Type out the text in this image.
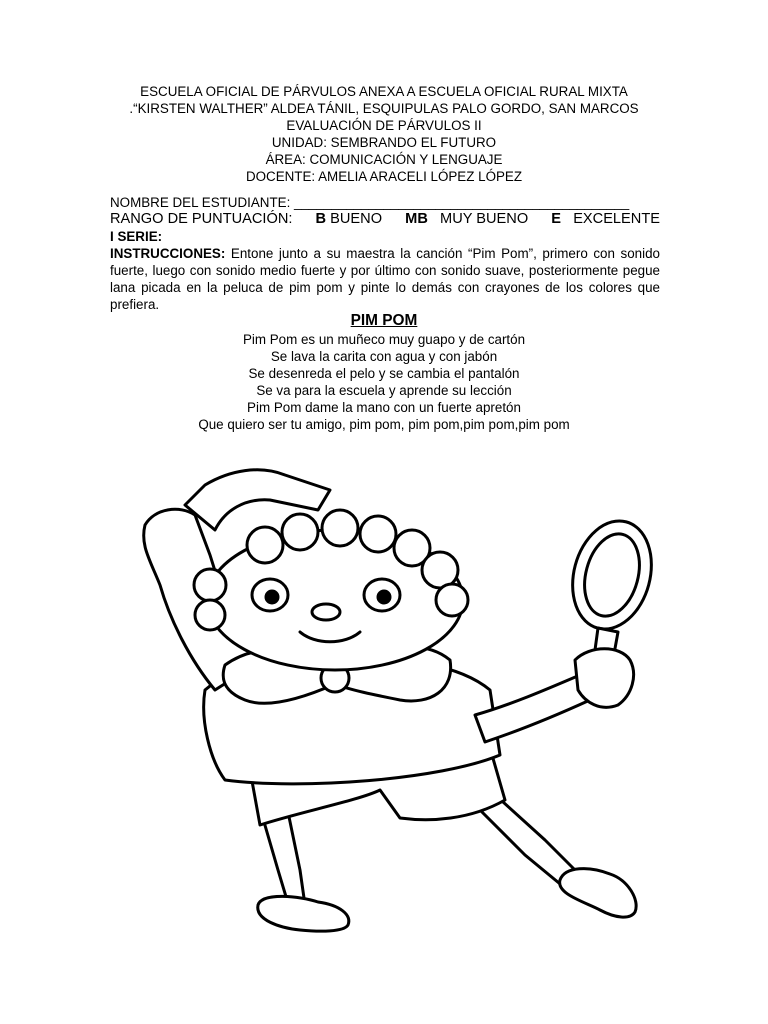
ESCUELA OFICIAL DE PÁRVULOS ANEXA A ESCUELA OFICIAL RURAL MIXTA
.“KIRSTEN WALTHER” ALDEA TÁNIL, ESQUIPULAS PALO GORDO, SAN MARCOS
EVALUACIÓN DE PÁRVULOS II
UNIDAD: SEMBRANDO EL FUTURO
ÁREA: COMUNICACIÓN Y LENGUAJE
DOCENTE: AMELIA ARACELI LÓPEZ LÓPEZ
NOMBRE DEL ESTUDIANTE: _____________________________________________
RANGO DE PUNTUACIÓN: B BUENO MB MUY BUENO E EXCELENTE
I SERIE:
INSTRUCCIONES: Entone junto a su maestra la canción “Pim Pom”, primero con sonido fuerte, luego con sonido medio fuerte y por último con sonido suave, posteriormente pegue lana picada en la peluca de pim pom y pinte lo demás con crayones de los colores que prefiera.
PIM POM
Pim Pom es un muñeco muy guapo y de cartón
Se lava la carita con agua y con jabón
Se desenreda el pelo y se cambia el pantalón
Se va para la escuela y aprende su lección
Pim Pom dame la mano con un fuerte apretón
Que quiero ser tu amigo, pim pom, pim pom,pim pom,pim pom
